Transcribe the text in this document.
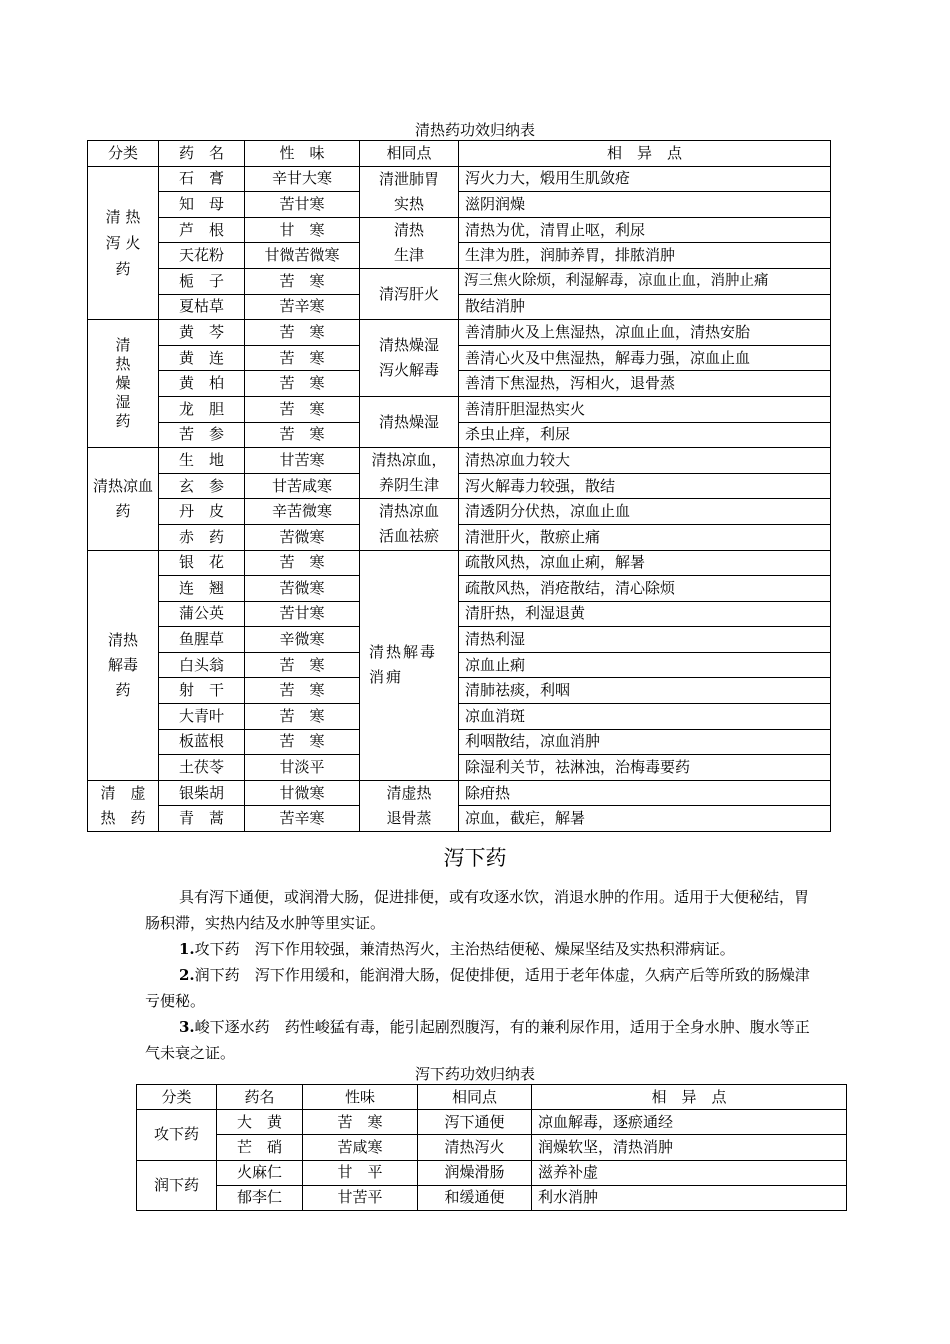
清热药功效归纳表
分类	药　名	性　味	相同点	相　异　点
清 热 泻 火 药	石　膏	辛甘大寒	清泄肺胃实热	泻火力大，煅用生肌敛疮
	知　母	苦甘寒		滋阴润燥
	芦　根	甘　寒	清热生津	清热为优，清胃止呕，利尿
	天花粉	甘微苦微寒		生津为胜，润肺养胃，排脓消肿
	栀　子	苦　寒	清泻肝火	泻三焦火除烦，利湿解毒，凉血止血，消肿止痛
	夏枯草	苦辛寒		散结消肿
清热燥湿药	黄　芩	苦　寒	清热燥湿泻火解毒	善清肺火及上焦湿热，凉血止血，清热安胎
	黄　连	苦　寒		善清心火及中焦湿热，解毒力强，凉血止血
	黄　柏	苦　寒		善清下焦湿热，泻相火，退骨蒸
	龙　胆	苦　寒	清热燥湿	善清肝胆湿热实火
	苦　参	苦　寒		杀虫止痒，利尿
清热凉血药	生　地	甘苦寒	清热凉血，养阴生津	清热凉血力较大
	玄　参	甘苦咸寒		泻火解毒力较强，散结
	丹　皮	辛苦微寒	清热凉血活血祛瘀	清透阴分伏热，凉血止血
	赤　药	苦微寒		清泄肝火，散瘀止痛
清热解毒药	银　花	苦　寒	清热解毒消痈	疏散风热，凉血止痢，解暑
	连　翘	苦微寒		疏散风热，消疮散结，清心除烦
	蒲公英	苦甘寒		清肝热，利湿退黄
	鱼腥草	辛微寒		清热利湿
	白头翁	苦　寒		凉血止痢
	射　干	苦　寒		清肺祛痰，利咽
	大青叶	苦　寒		凉血消斑
	板蓝根	苦　寒		利咽散结，凉血消肿
	土茯苓	甘淡平		除湿利关节，祛淋浊，治梅毒要药
清　虚 热　药	银柴胡	甘微寒	清虚热退骨蒸	除疳热
	青　蒿	苦辛寒		凉血，截疟，解暑
泻下药
具有泻下通便，或润滑大肠，促进排便，或有攻逐水饮，消退水肿的作用。适用于大便秘结，胃肠积滞，实热内结及水肿等里实证。
1.攻下药　泻下作用较强，兼清热泻火，主治热结便秘、燥屎坚结及实热积滞病证。
2.润下药　泻下作用缓和，能润滑大肠，促使排便，适用于老年体虚，久病产后等所致的肠燥津亏便秘。
3.峻下逐水药　药性峻猛有毒，能引起剧烈腹泻，有的兼利尿作用，适用于全身水肿、腹水等正气未衰之证。
泻下药功效归纳表
分类	药名	性味	相同点	相　异　点
攻下药	大　黄	苦　寒	泻下通便	凉血解毒，逐瘀通经
	芒　硝	苦咸寒	清热泻火	润燥软坚，清热消肿
润下药	火麻仁	甘　平	润燥滑肠	滋养补虚
	郁李仁	甘苦平	和缓通便	利水消肿
